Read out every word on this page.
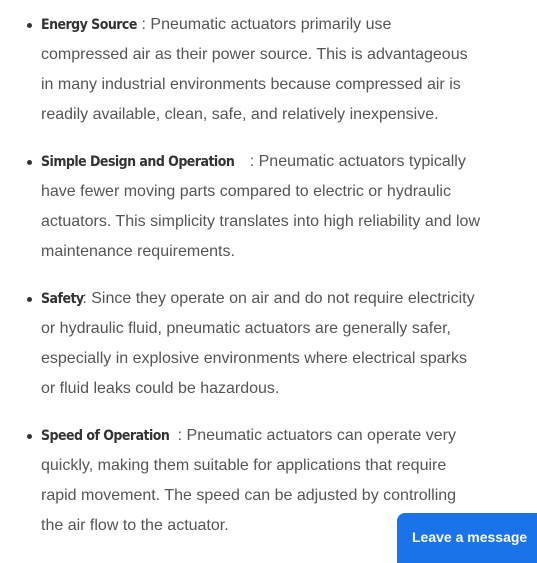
Energy Source : Pneumatic actuators primarily use compressed air as their power source. This is advantageous in many industrial environments because compressed air is readily available, clean, safe, and relatively inexpensive.
Simple Design and Operation : Pneumatic actuators typically have fewer moving parts compared to electric or hydraulic actuators. This simplicity translates into high reliability and low maintenance requirements.
Safety: Since they operate on air and do not require electricity or hydraulic fluid, pneumatic actuators are generally safer, especially in explosive environments where electrical sparks or fluid leaks could be hazardous.
Speed of Operation : Pneumatic actuators can operate very quickly, making them suitable for applications that require rapid movement. The speed can be adjusted by controlling the air flow to the actuator.
Leave a message
